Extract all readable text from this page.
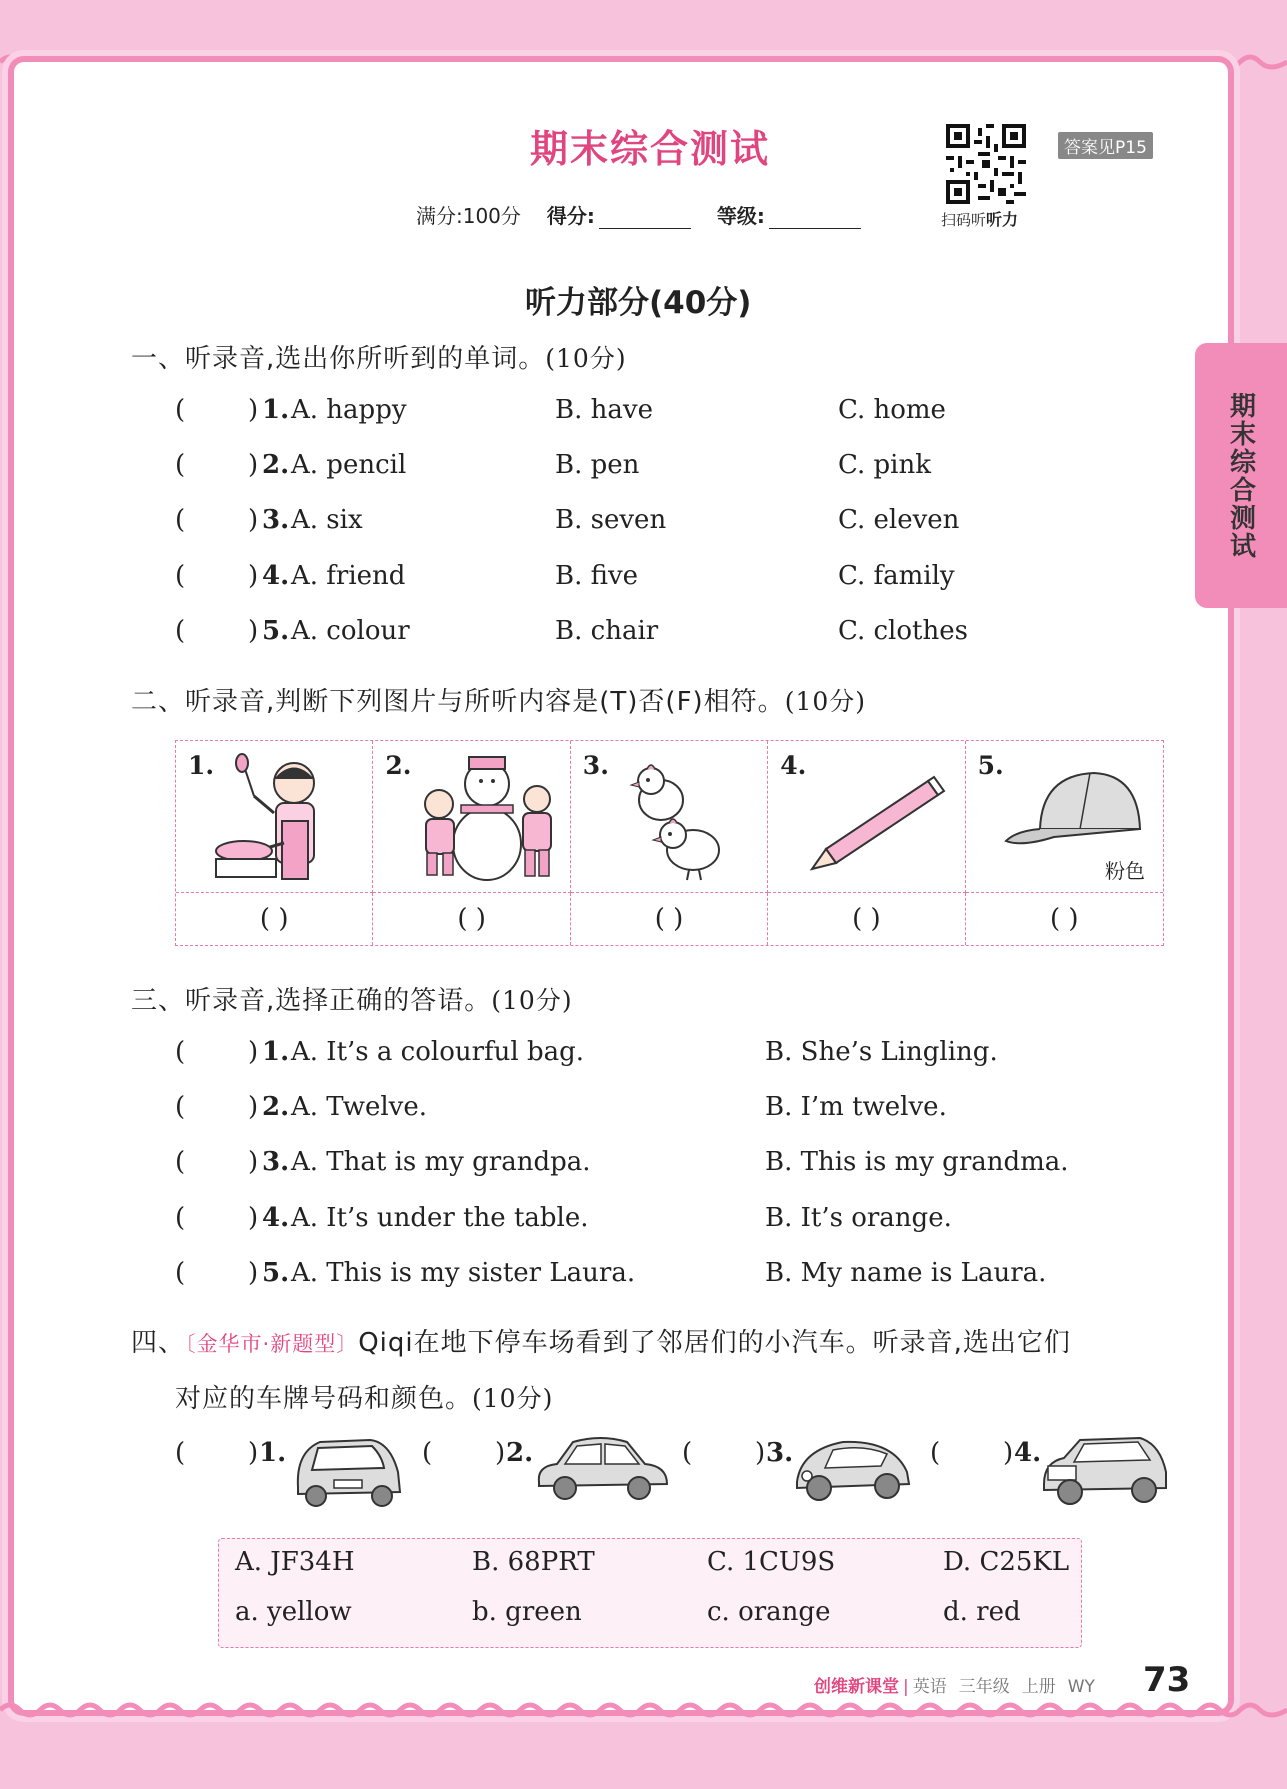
期末综合测试
期末综合测试
扫码听听力
答案见P15
满分:100分 得分:	等级:
听力部分(40分)
一、听录音,选出你所听到的单词。(10分)
( ) 1. A. happy	B. have	C. home
( ) 2. A. pencil	B. pen	C. pink
( ) 3. A. six	B. seven	C. eleven
( ) 4. A. friend	B. five	C. family
( ) 5. A. colour	B. chair	C. clothes
二、听录音,判断下列图片与所听内容是(T)否(F)相符。(10分)
1.	2.	3.	4.	5.
粉色
( )	( )	( )	( )	( )
三、听录音,选择正确的答语。(10分)
( ) 1. A. It’s a colourful bag.	B. She’s Lingling.
( ) 2. A. Twelve.	B. I’m twelve.
( ) 3. A. That is my grandpa.	B. This is my grandma.
( ) 4. A. It’s under the table.	B. It’s orange.
( ) 5. A. This is my sister Laura.	B. My name is Laura.
四、〔金华市·新题型〕Qiqi在地下停车场看到了邻居们的小汽车。听录音,选出它们
对应的车牌号码和颜色。(10分)
( ) 1.	( ) 2.	( ) 3.	( ) 4.
A. JF34H	B. 68PRT	C. 1CU9S	D. C25KL
a. yellow	b. green	c. orange	d. red
创维新课堂 | 英语 三年级 上册 WY 73
